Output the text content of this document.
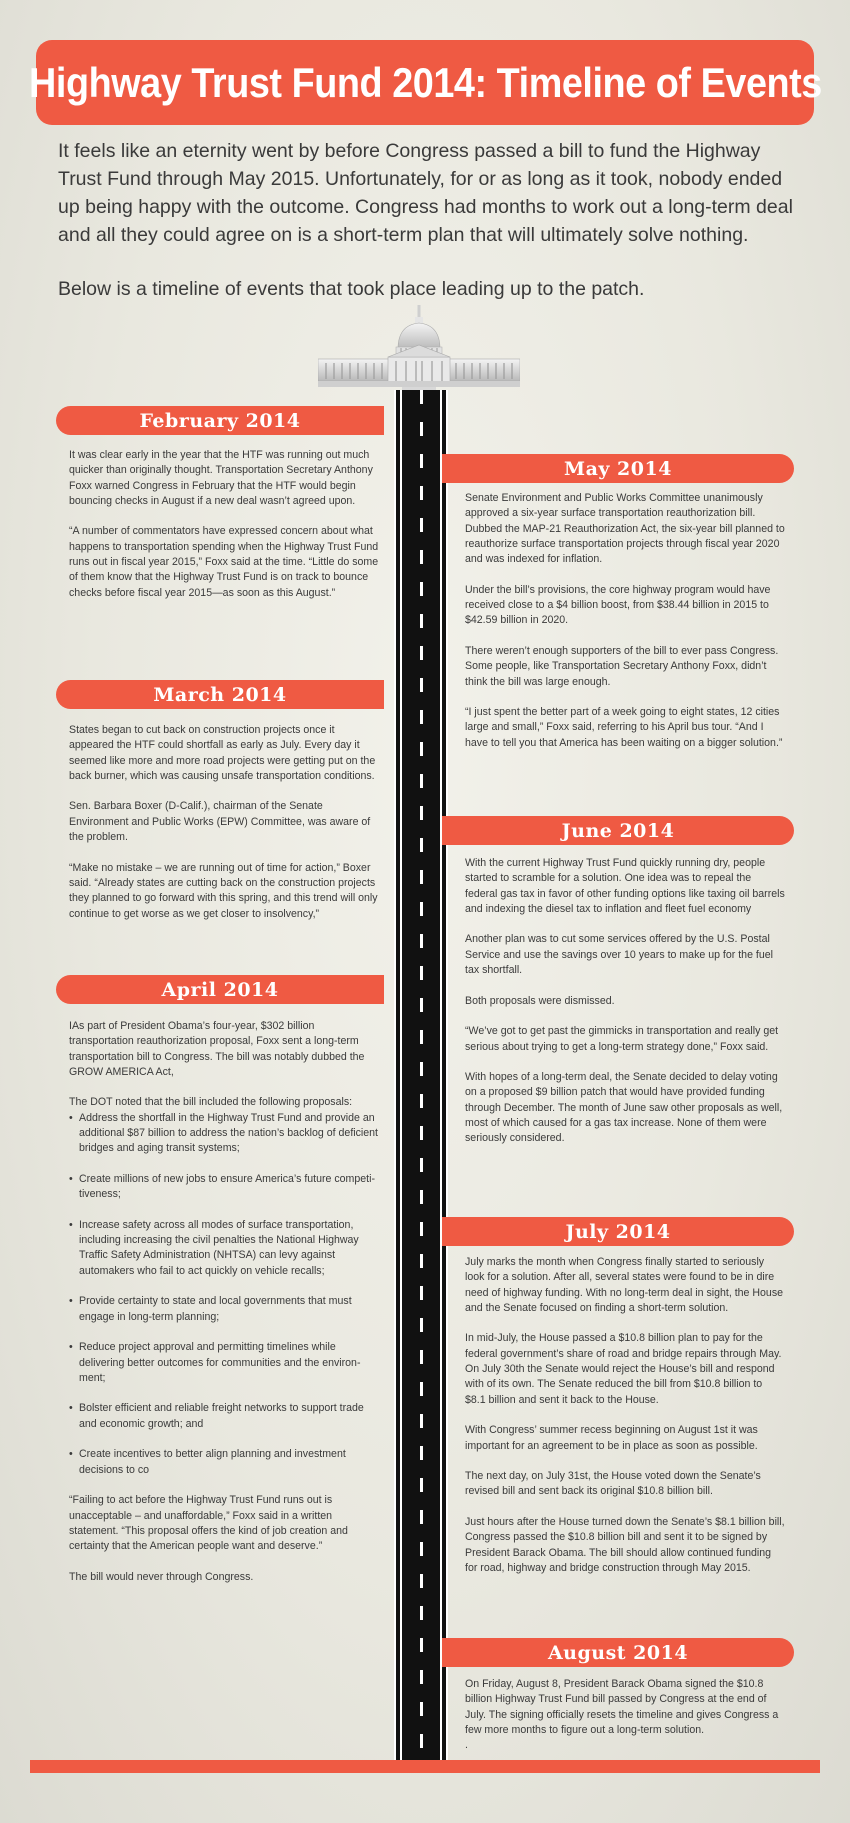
Highway Trust Fund 2014: Timeline of Events

It feels like an eternity went by before Congress passed a bill to fund the Highway Trust Fund through May 2015. Unfortunately, for or as long as it took, nobody ended up being happy with the outcome. Congress had months to work out a long-term deal and all they could agree on is a short-term plan that will ultimately solve nothing.

Below is a timeline of events that took place leading up to the patch.

February 2014

It was clear early in the year that the HTF was running out much quicker than originally thought. Transportation Secretary Anthony Foxx warned Congress in February that the HTF would begin bouncing checks in August if a new deal wasn’t agreed upon.

“A number of commentators have expressed concern about what happens to transportation spending when the Highway Trust Fund runs out in fiscal year 2015,” Foxx said at the time. “Little do some of them know that the Highway Trust Fund is on track to bounce checks before fiscal year 2015—as soon as this August.”

May 2014

Senate Environment and Public Works Committee unanimously approved a six-year surface transportation reauthorization bill. Dubbed the MAP-21 Reauthorization Act, the six-year bill planned to reauthorize surface transportation projects through fiscal year 2020 and was indexed for inflation.

Under the bill’s provisions, the core highway program would have received close to a $4 billion boost, from $38.44 billion in 2015 to $42.59 billion in 2020.

There weren’t enough supporters of the bill to ever pass Congress. Some people, like Transportation Secretary Anthony Foxx, didn’t think the bill was large enough.

“I just spent the better part of a week going to eight states, 12 cities large and small,” Foxx said, referring to his April bus tour. “And I have to tell you that America has been waiting on a bigger solution.”

March 2014

States began to cut back on construction projects once it appeared the HTF could shortfall as early as July. Every day it seemed like more and more road projects were getting put on the back burner, which was causing unsafe transportation conditions.

Sen. Barbara Boxer (D-Calif.), chairman of the Senate Environment and Public Works (EPW) Committee, was aware of the problem.

“Make no mistake – we are running out of time for action,” Boxer said. “Already states are cutting back on the construction projects they planned to go forward with this spring, and this trend will only continue to get worse as we get closer to insolvency,”

June 2014

With the current Highway Trust Fund quickly running dry, people started to scramble for a solution. One idea was to repeal the federal gas tax in favor of other funding options like taxing oil barrels and indexing the diesel tax to inflation and fleet fuel economy

Another plan was to cut some services offered by the U.S. Postal Service and use the savings over 10 years to make up for the fuel tax shortfall.

Both proposals were dismissed.

“We’ve got to get past the gimmicks in transportation and really get serious about trying to get a long-term strategy done,” Foxx said.

With hopes of a long-term deal, the Senate decided to delay voting on a proposed $9 billion patch that would have provided funding through December. The month of June saw other proposals as well, most of which caused for a gas tax increase. None of them were seriously considered.

April 2014

IAs part of President Obama’s four-year, $302 billion transportation reauthorization proposal, Foxx sent a long-term transportation bill to Congress. The bill was notably dubbed the GROW AMERICA Act,

The DOT noted that the bill included the following proposals:

• Address the shortfall in the Highway Trust Fund and provide an additional $87 billion to address the nation’s backlog of deficient bridges and aging transit systems;
• Create millions of new jobs to ensure America’s future competitiveness;
• Increase safety across all modes of surface transportation, including increasing the civil penalties the National Highway Traffic Safety Administration (NHTSA) can levy against automakers who fail to act quickly on vehicle recalls;
• Provide certainty to state and local governments that must engage in long-term planning;
• Reduce project approval and permitting timelines while delivering better outcomes for communities and the environment;
• Bolster efficient and reliable freight networks to support trade and economic growth; and
• Create incentives to better align planning and investment decisions to co

“Failing to act before the Highway Trust Fund runs out is unacceptable – and unaffordable,” Foxx said in a written statement. “This proposal offers the kind of job creation and certainty that the American people want and deserve.”

The bill would never through Congress.

July 2014

July marks the month when Congress finally started to seriously look for a solution. After all, several states were found to be in dire need of highway funding. With no long-term deal in sight, the House and the Senate focused on finding a short-term solution.

In mid-July, the House passed a $10.8 billion plan to pay for the federal government’s share of road and bridge repairs through May. On July 30th the Senate would reject the House’s bill and respond with of its own. The Senate reduced the bill from $10.8 billion to $8.1 billion and sent it back to the House.

With Congress’ summer recess beginning on August 1st it was important for an agreement to be in place as soon as possible.

The next day, on July 31st, the House voted down the Senate’s revised bill and sent back its original $10.8 billion bill.

Just hours after the House turned down the Senate’s $8.1 billion bill, Congress passed the $10.8 billion bill and sent it to be signed by President Barack Obama. The bill should allow continued funding for road, highway and bridge construction through May 2015.

August 2014

On Friday, August 8, President Barack Obama signed the $10.8 billion Highway Trust Fund bill passed by Congress at the end of July. The signing officially resets the timeline and gives Congress a few more months to figure out a long-term solution.

.
